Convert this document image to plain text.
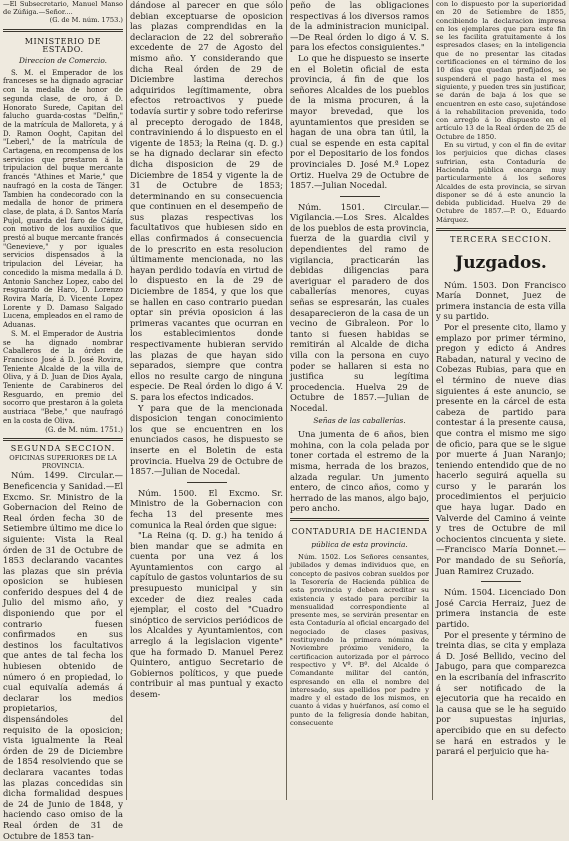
—El Subsecretario, Manuel Manso de Zúñiga.—Señor....

(G. de M. núm. 1753.)

MINISTERIO DE ESTADO.

Direccion de Comercio.

S. M. el Emperador de los franceses se ha dignado agraciar con la medalla de honor de segunda clase, de oro, á D. Honorato Surede, Capitan del falucho guarda-costas "Delfin," de la matrícula de Malloreta, y á D. Ramon Ooght, Capitan del "Leberl," de la matrícula de Cartagena, en recompensa de los servicios que prestaron á la tripulacion del buque mercante francés "Athines et Marie," que naufragó en la costa de Tánger. Tambien ha condecorado con la medalla de honor de primera clase, de plata, á D. Santos María Pujol, guarda del faro de Cádiz, con motivo de los auxilios que prestó al buque mercante francés "Genevieve," y por iguales servicios dispensados á la tripulacion del Léveiar, ha concedido la misma medalla á D. Antonio Sanchez Lopez, cabo del resguardo de Haro, D. Lorenzo Rovira María, D. Vicente Lopez Lorente y D. Damaso Salgado Lucena, empleados en el ramo de Aduanas.

S. M. el Emperador de Austria se ha dignado nombrar Caballeros de la órden de Francisco José á D. José Rovira, Teniente Alcalde de la villa de Oliva, y á D. Juan de Dios Ayala, Teniente de Carabineros del Resguardo, en premio del socorro que prestaron á la goleta austriaca "Bebe," que naufragó en la costa de Oliva.

(G. de M. núm. 1751.)

SEGUNDA SECCION.

OFICINAS SUPERIORES DE LA PROVINCIA.

Núm. 1499. Circular.—Beneficencia y Sanidad.—El Excmo. Sr. Ministro de la Gobernacion del Reino de Real órden fecha 30 de Setiembre último me dice lo siguiente: Vista la Real órden de 31 de Octubre de 1853 declarando vacantes las plazas que sin prévia oposicion se hubiesen conferido despues del 4 de Julio del mismo año, y disponiendo que por el contrario fuesen confirmados en sus destinos los facultativos que antes de tal fecha los hubiesen obtenido de número ó en propiedad, lo cual equivalía además á declarar los medios propietarios, dispensándoles del requisito de la oposicion; vista igualmente la Real órden de 29 de Diciembre de 1854 resolviendo que se declarara vacantes todas las plazas concedidas sin dicha formalidad despues de 24 de Junio de 1848, y haciendo caso omiso de la Real órden de 31 de Octubre de 1853 tan-

dándose al parecer en que sólo debian exceptuarse de oposicion las plazas comprendidas en la declaracion de 22 del sobreraño excedente de 27 de Agosto del mismo año. Y considerando que dicha Real órden de 29 de Diciembre lastima derechos adquiridos legítimamente, obra efectos retroactivos y puede todavía surtir y sobre todo referirse al precepto derogado de 1848, contraviniendo á lo dispuesto en el vigente de 1853; la Reina (q. D. g.) se ha dignado declarar sin efecto dicha disposicion de 29 de Diciembre de 1854 y vigente la de 31 de Octubre de 1853; determinando en su consecuencia que continuen en el desempeño de sus plazas respectivas los facultativos que hubiesen sido en ellas confirmados á consecuencia de lo prescrito en esta resolucion últimamente mencionada, no las hayan perdido todavía en virtud de lo dispuesto en la de 29 de Diciembre de 1854, y que los que se hallen en caso contrario puedan optar sin prévia oposicion á las primeras vacantes que ocurran en los establecimientos donde respectivamente hubieran servido las plazas de que hayan sido separados, siempre que contra ellos no resulte cargo de ninguna especie. De Real órden lo digo á V. S. para los efectos indicados.

Y para que de la mencionada disposicion tengan conocimiento los que se encuentren en los enunciados casos, he dispuesto se inserte en el Boletin de esta provincia. Huelva 29 de Octubre de 1857.—Julian de Nocedal.

Núm. 1500. El Excmo. Sr. Ministro de la Gobernacion con fecha 13 del presente mes comunica la Real órden que sigue:

"La Reina (q. D. g.) ha tenido á bien mandar que se admita en cuenta por una vez á los Ayuntamientos con cargo al capítulo de gastos voluntarios de su presupuesto municipal y sin exceder de diez reales cada ejemplar, el costo del "Cuadro sinóptico de servicios periódicos de los Alcaldes y Ayuntamientos, con arreglo á la legislacion vigente" que ha formado D. Manuel Perez Quintero, antiguo Secretario de Gobiernos políticos, y que puede contribuir al mas puntual y exacto desem-

peño de las obligaciones respectivas á los diversos ramos de la administracion municipal.—De Real órden lo digo á V. S. para los efectos consiguientes."

Lo que he dispuesto se inserte en el Boletin oficial de esta provincia, á fin de que los señores Alcaldes de los pueblos de la misma procuren, á la mayor brevedad, que los ayuntamientos que presiden se hagan de una obra tan útil, la cual se espende en esta capital por el Depositario de los fondos provinciales D. José M.ª Lopez Ortiz. Huelva 29 de Octubre de 1857.—Julian Nocedal.

Núm. 1501. Circular.—Vigilancia.—Los Sres. Alcaldes de los pueblos de esta provincia, fuerza de la guardia civil y dependientes del ramo de vigilancia, practicarán las debidas diligencias para averiguar el paradero de dos caballerías menores, cuyas señas se espresarán, las cuales desaparecieron de la casa de un vecino de Gibraleon. Por lo tanto si fuesen habidas se remitirán al Alcalde de dicha villa con la persona en cuyo poder se hallaren si esta no justifica su legítima procedencia. Huelva 29 de Octubre de 1857.—Julian de Nocedal.

Señas de las caballerías.

Una jumenta de 6 años, bien mohina, con la cola pelada por toner cortada el estremo de la misma, herrada de los brazos, alzada regular. Un jumento entero, de cinco años, como y herrado de las manos, algo bajo, pero ancho.

CONTADURIA DE HACIENDA

pública de esta provincia.

Núm. 1502. Los Señores censantes, jubilados y demas individuos que, en concepto de pasivos cobran sueldos por la Tesorería de Hacienda pública de esta provincia y deben acreditar su existencia y estado para percibir la mensualidad correspondiente al presente mes, se servirán presentar en esta Contaduría al oficial encargado del negociado de clases pasivas, restituyendo la primera nómina de Noviembre próximo venidero, la certificacion autorizada por el párroco respectivo y Vº. Bº. del Alcalde ó Comandante militar del cantón, espresando en ella el nombre del interesado, sus apellidos por padre y madre y el estado de los mismos, en cuanto á vidas y huérfanos, así como el punto de la feligresía donde habitan, consecuente

con lo dispuesto por la superioridad en 20 de Setiembre de 1855, concibiendo la declaracion impresa en los ejemplares que para este fin se les facilita gratuitamente á los espresados clases; en la inteligencia que de no presentar las citadas certificaciones en el término de los 10 días que quedan prefijados, se suspenderá el pago hasta el mes siguiente, y pueden tres sin justificar, se darán de baja á los que se encuentren en este caso, sujetándose á la rehabilitacion prevenida, todo con arreglo á lo dispuesto en el artículo 13 de la Real órden de 25 de Octubre de 1850.

En su virtud, y con el fin de evitar los perjuicios que dichas clases sufririan, esta Contaduría de Hacienda pública encarga muy particularmente á los señores Alcaldes de esta provincia, se sirvan disponer se dé á este anuncio la debida publicidad. Huelva 29 de Octubre de 1857.—P. O., Eduardo Márquez.

TERCERA SECCION.

Juzgados.

Núm. 1503. Don Francisco María Donnet, Juez de primera instancia de esta villa y su partido.

Por el presente cito, llamo y emplazo por primer término, pregon y edicto á Andres Rabadan, natural y vecino de Cobezas Rubias, para que en el término de nueve dias siguientes á este anuncio, se presente en la cárcel de esta cabeza de partido para contestar á la presente causa, que contra el mismo me sigo de oficio, para que se le sigue por muerte á Juan Naranjo; teniendo entendido que de no hacerlo seguirá aquella su curso y le pararán los procedimientos el perjuicio que haya lugar. Dado en Valverde del Camino á veinte y tres de Octubre de mil ochocientos cincuenta y siete.—Francisco María Donnet.—Por mandado de su Señoría, Juan Ramirez Cruzado.

Núm. 1504. Licenciado Don José Carcia Herraiz, Juez de primera instancia de este partido.

Por el presente y término de treinta dias, se cita y emplaza á D. José Bellido, vecino del Jabugo, para que comparezca en la escribanía del infrascrito á ser notificado de la ejecutoria que ha recaido en la causa que se le ha seguido por supuestas injurias, apercibido que en su defecto se hará en estrados y le parará el perjuicio que ha-
